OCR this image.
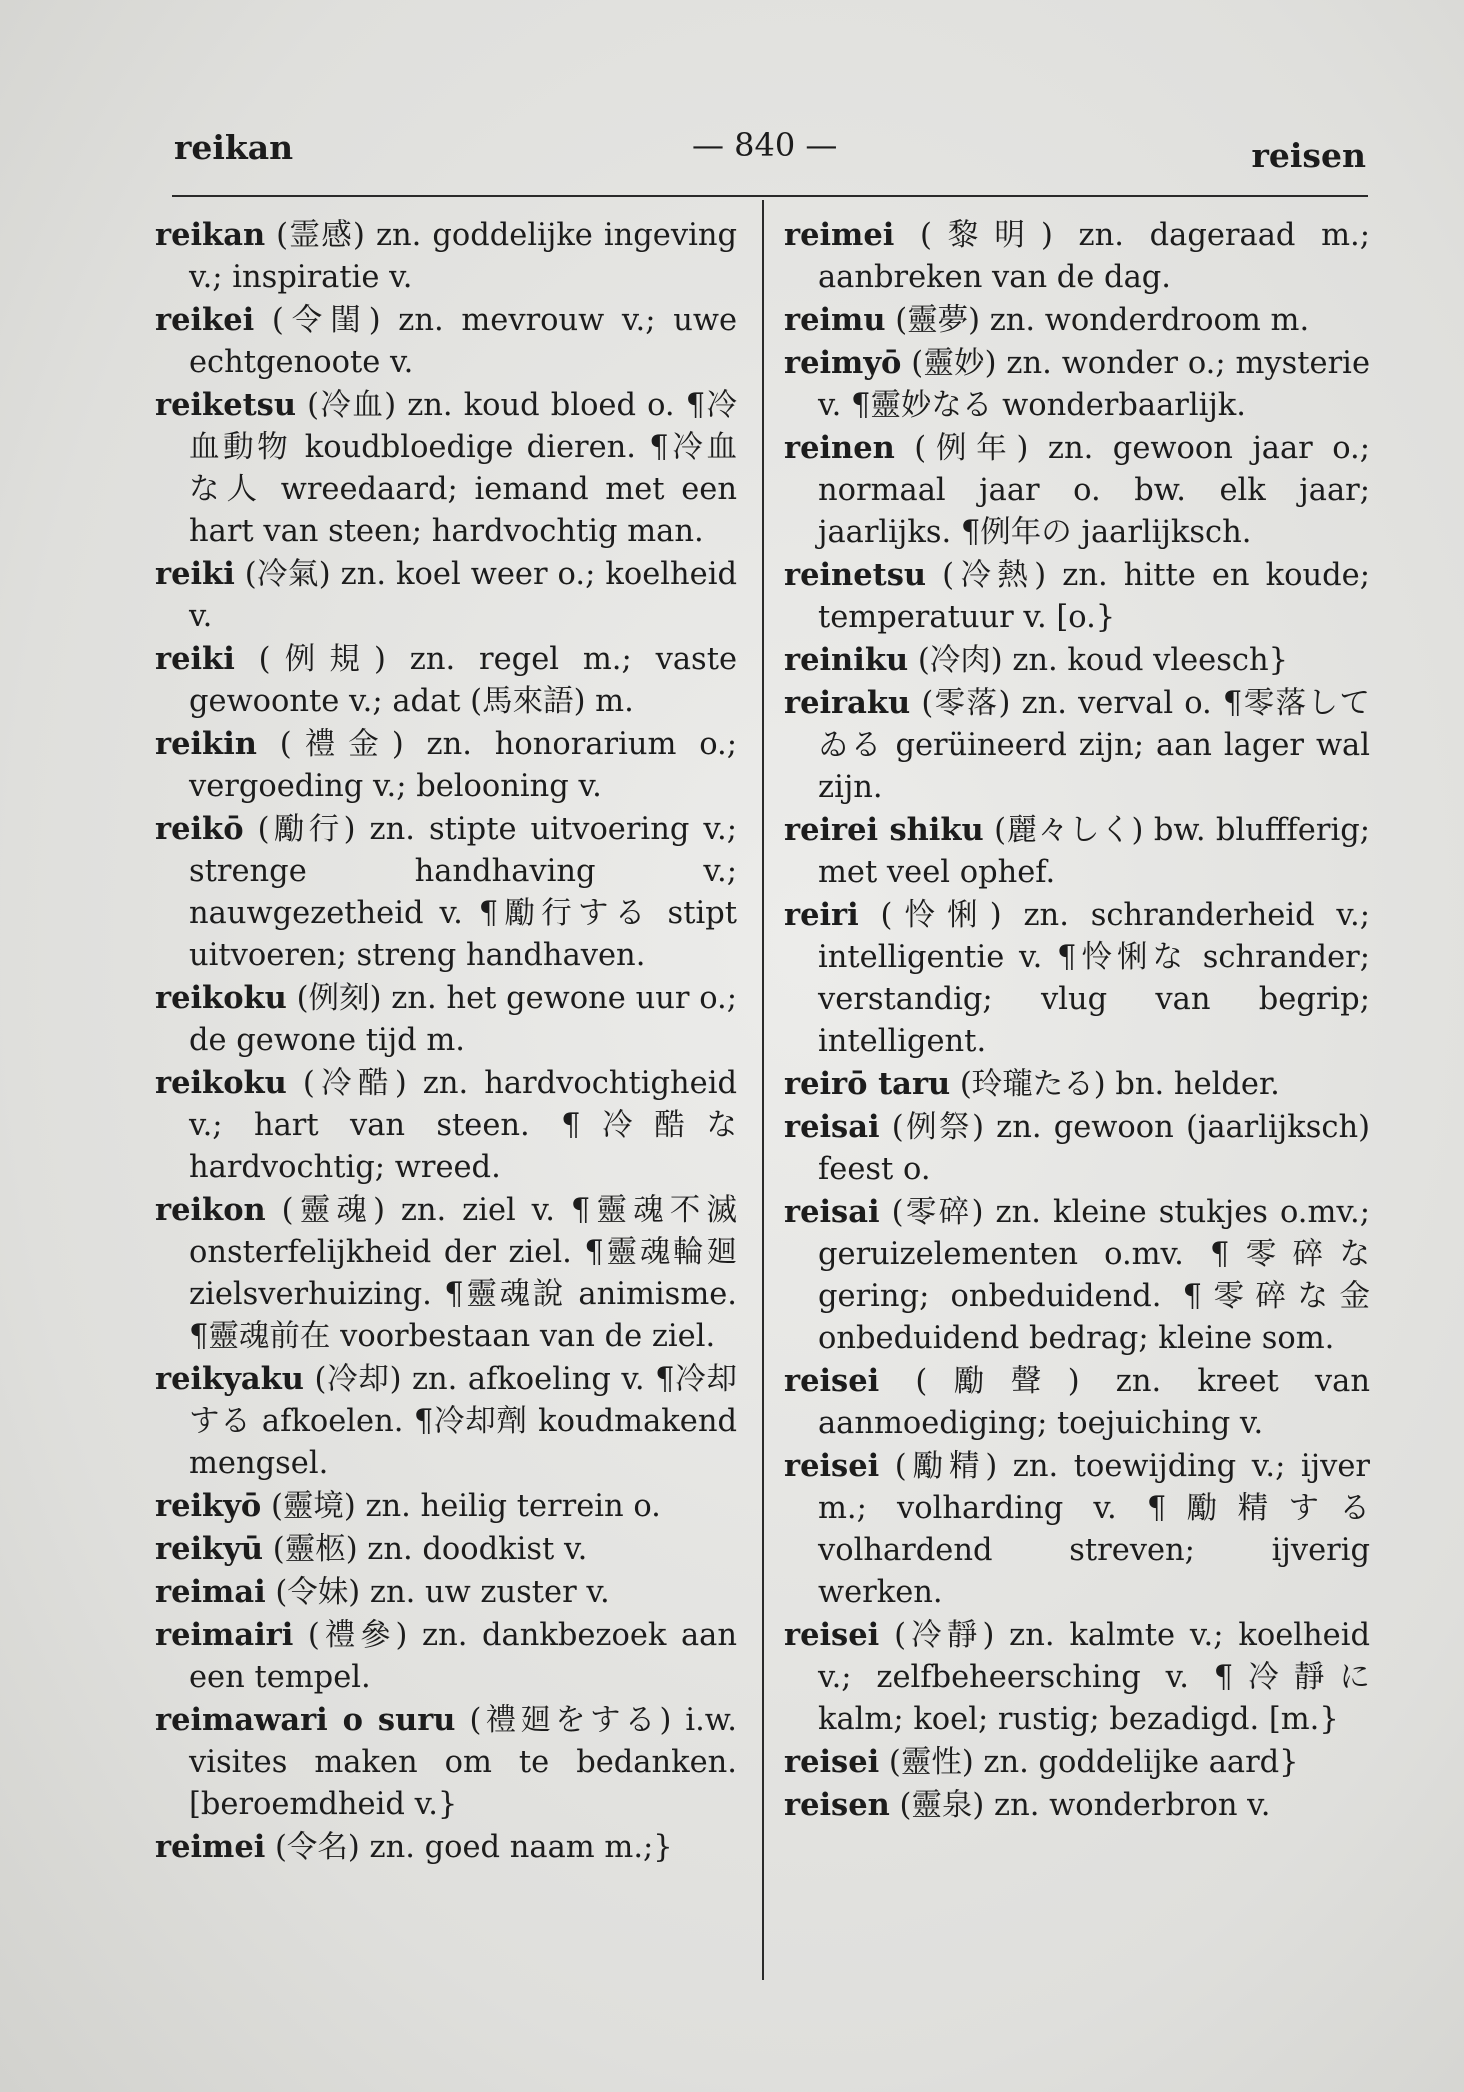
reikan	— 840 —	reisen

reikan (霊感) zn. goddelijke ingeving v.; inspiratie v.

reikei (令閨) zn. mevrouw v.; uwe echtgenoote v.

reiketsu (冷血) zn. koud bloed o. ¶冷血動物 koudbloedige dieren. ¶冷血な人 wreedaard; iemand met een hart van steen; hardvochtig man.

reiki (冷氣) zn. koel weer o.; koelheid v.

reiki (例規) zn. regel m.; vaste gewoonte v.; adat (馬來語) m.

reikin (禮金) zn. honorarium o.; vergoeding v.; belooning v.

reikō (勵行) zn. stipte uitvoering v.; strenge handhaving v.; nauwgezetheid v. ¶勵行する stipt uitvoeren; streng handhaven.

reikoku (例刻) zn. het gewone uur o.; de gewone tijd m.

reikoku (冷酷) zn. hardvochtigheid v.; hart van steen. ¶冷酷な hardvochtig; wreed.

reikon (靈魂) zn. ziel v. ¶靈魂不滅 onsterfelijkheid der ziel. ¶靈魂輪廻 zielsverhuizing. ¶靈魂說 animisme. ¶靈魂前在 voorbestaan van de ziel.

reikyaku (冷却) zn. afkoeling v. ¶冷却する afkoelen. ¶冷却劑 koudmakend mengsel.

reikyō (靈境) zn. heilig terrein o.

reikyū (靈柩) zn. doodkist v.

reimai (令妹) zn. uw zuster v.

reimairi (禮參) zn. dankbezoek aan een tempel.

reimawari o suru (禮廻をする) i.w. visites maken om te bedanken. [beroemdheid v.}

reimei (令名) zn. goed naam m.;}

reimei (黎明) zn. dageraad m.; aanbreken van de dag.

reimu (靈夢) zn. wonderdroom m.

reimyō (靈妙) zn. wonder o.; mysterie v. ¶靈妙なる wonderbaarlijk.

reinen (例年) zn. gewoon jaar o.; normaal jaar o. bw. elk jaar; jaarlijks. ¶例年の jaarlijksch.

reinetsu (冷熱) zn. hitte en koude; temperatuur v. [o.}

reiniku (冷肉) zn. koud vleesch}

reiraku (零落) zn. verval o. ¶零落してゐる gerüineerd zijn; aan lager wal zijn.

reirei shiku (麗々しく) bw. bluffferig; met veel ophef.

reiri (怜悧) zn. schranderheid v.; intelligentie v. ¶怜悧な schrander; verstandig; vlug van begrip; intelligent.

reirō taru (玲瓏たる) bn. helder.

reisai (例祭) zn. gewoon (jaarlijksch) feest o.

reisai (零碎) zn. kleine stukjes o.mv.; geruizelementen o.mv. ¶零碎な gering; onbeduidend. ¶零碎な金 onbeduidend bedrag; kleine som.

reisei (勵聲) zn. kreet van aanmoediging; toejuiching v.

reisei (勵精) zn. toewijding v.; ijver m.; volharding v. ¶勵精する volhardend streven; ijverig werken.

reisei (冷靜) zn. kalmte v.; koelheid v.; zelfbeheersching v. ¶冷靜に kalm; koel; rustig; bezadigd. [m.}

reisei (靈性) zn. goddelijke aard}

reisen (靈泉) zn. wonderbron v.
